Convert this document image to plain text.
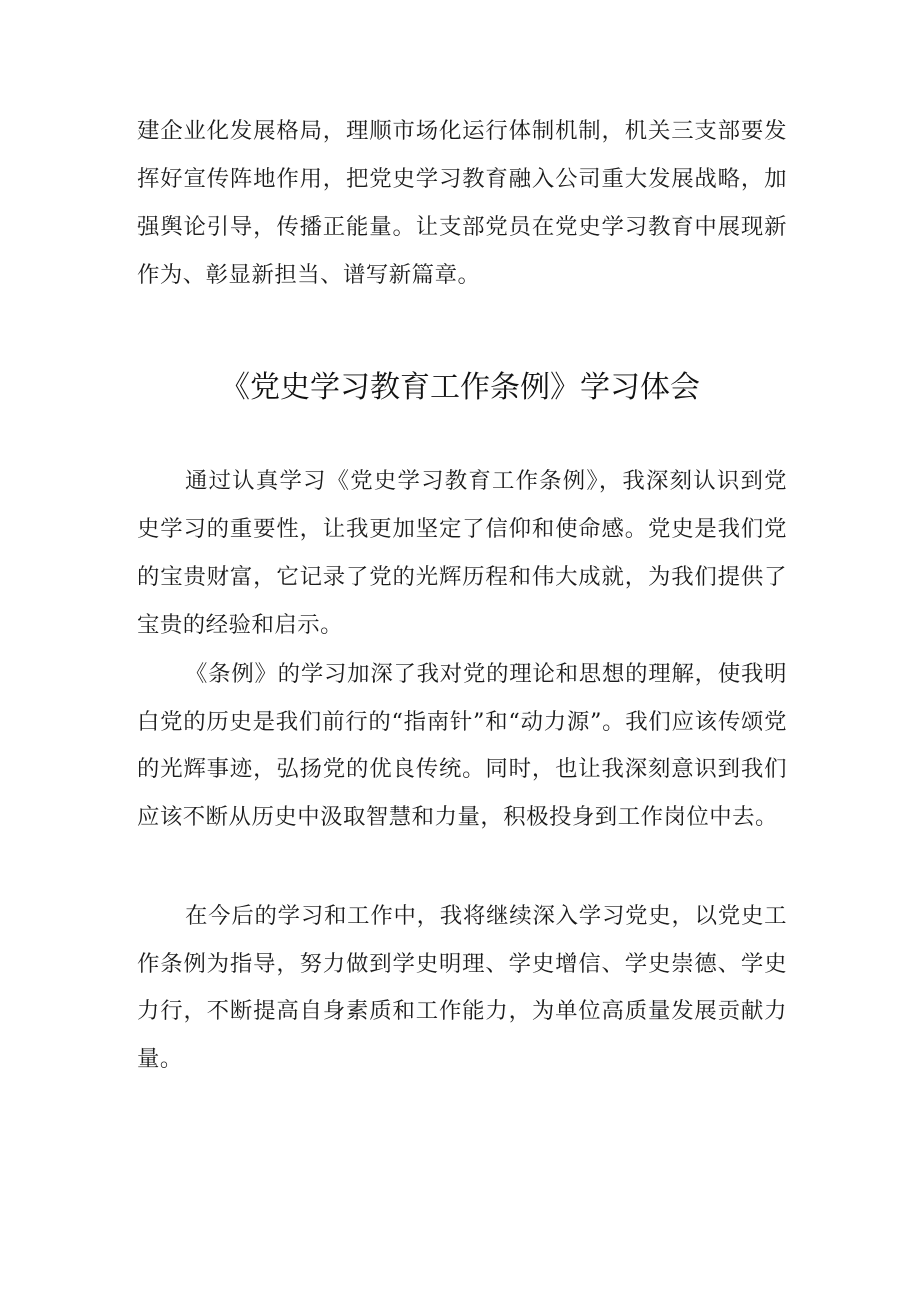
建企业化发展格局，理顺市场化运行体制机制，机关三支部要发挥好宣传阵地作用，把党史学习教育融入公司重大发展战略，加强舆论引导，传播正能量。让支部党员在党史学习教育中展现新作为、彰显新担当、谱写新篇章。

《党史学习教育工作条例》学习体会

通过认真学习《党史学习教育工作条例》，我深刻认识到党史学习的重要性，让我更加坚定了信仰和使命感。党史是我们党的宝贵财富，它记录了党的光辉历程和伟大成就，为我们提供了宝贵的经验和启示。

《条例》的学习加深了我对党的理论和思想的理解，使我明白党的历史是我们前行的“指南针”和“动力源”。我们应该传颂党的光辉事迹，弘扬党的优良传统。同时，也让我深刻意识到我们应该不断从历史中汲取智慧和力量，积极投身到工作岗位中去。

在今后的学习和工作中，我将继续深入学习党史，以党史工作条例为指导，努力做到学史明理、学史增信、学史崇德、学史力行，不断提高自身素质和工作能力，为单位高质量发展贡献力量。
